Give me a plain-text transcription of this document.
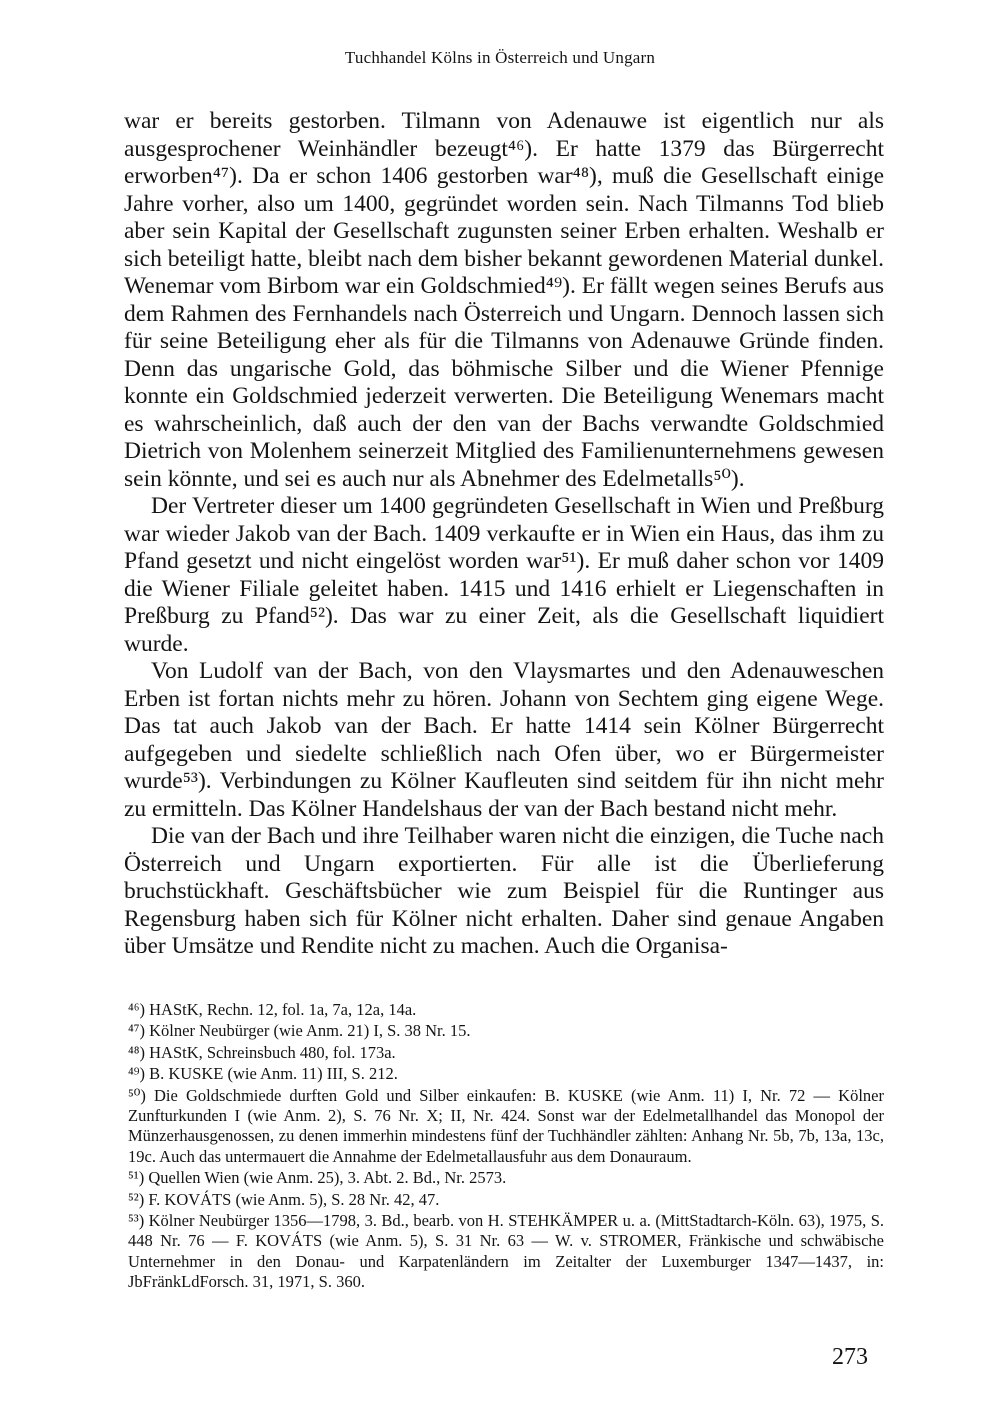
Tuchhandel Kölns in Österreich und Ungarn

war er bereits gestorben. Tilmann von Adenauwe ist eigentlich nur als ausgesprochener Weinhändler bezeugt⁴⁶). Er hatte 1379 das Bürgerrecht erworben⁴⁷). Da er schon 1406 gestorben war⁴⁸), muß die Gesellschaft einige Jahre vorher, also um 1400, gegründet worden sein. Nach Tilmanns Tod blieb aber sein Kapital der Gesellschaft zugunsten seiner Erben erhalten. Weshalb er sich beteiligt hatte, bleibt nach dem bisher bekannt gewordenen Material dunkel. Wenemar vom Birbom war ein Goldschmied⁴⁹). Er fällt wegen seines Berufs aus dem Rahmen des Fernhandels nach Österreich und Ungarn. Dennoch lassen sich für seine Beteiligung eher als für die Tilmanns von Adenauwe Gründe finden. Denn das ungarische Gold, das böhmische Silber und die Wiener Pfennige konnte ein Goldschmied jederzeit verwerten. Die Beteiligung Wenemars macht es wahrscheinlich, daß auch der den van der Bachs verwandte Goldschmied Dietrich von Molenhem seinerzeit Mitglied des Familienunternehmens gewesen sein könnte, und sei es auch nur als Abnehmer des Edelmetalls⁵⁰).

Der Vertreter dieser um 1400 gegründeten Gesellschaft in Wien und Preßburg war wieder Jakob van der Bach. 1409 verkaufte er in Wien ein Haus, das ihm zu Pfand gesetzt und nicht eingelöst worden war⁵¹). Er muß daher schon vor 1409 die Wiener Filiale geleitet haben. 1415 und 1416 erhielt er Liegenschaften in Preßburg zu Pfand⁵²). Das war zu einer Zeit, als die Gesellschaft liquidiert wurde.

Von Ludolf van der Bach, von den Vlaysmartes und den Adenauweschen Erben ist fortan nichts mehr zu hören. Johann von Sechtem ging eigene Wege. Das tat auch Jakob van der Bach. Er hatte 1414 sein Kölner Bürgerrecht aufgegeben und siedelte schließlich nach Ofen über, wo er Bürgermeister wurde⁵³). Verbindungen zu Kölner Kaufleuten sind seitdem für ihn nicht mehr zu ermitteln. Das Kölner Handelshaus der van der Bach bestand nicht mehr.

Die van der Bach und ihre Teilhaber waren nicht die einzigen, die Tuche nach Österreich und Ungarn exportierten. Für alle ist die Überlieferung bruchstückhaft. Geschäftsbücher wie zum Beispiel für die Runtinger aus Regensburg haben sich für Kölner nicht erhalten. Daher sind genaue Angaben über Umsätze und Rendite nicht zu machen. Auch die Organisa-

⁴⁶) HAStK, Rechn. 12, fol. 1a, 7a, 12a, 14a.

⁴⁷) Kölner Neubürger (wie Anm. 21) I, S. 38 Nr. 15.

⁴⁸) HAStK, Schreinsbuch 480, fol. 173a.

⁴⁹) B. KUSKE (wie Anm. 11) III, S. 212.

⁵⁰) Die Goldschmiede durften Gold und Silber einkaufen: B. KUSKE (wie Anm. 11) I, Nr. 72 — Kölner Zunfturkunden I (wie Anm. 2), S. 76 Nr. X; II, Nr. 424. Sonst war der Edelmetallhandel das Monopol der Münzerhausgenossen, zu denen immerhin mindestens fünf der Tuchhändler zählten: Anhang Nr. 5b, 7b, 13a, 13c, 19c. Auch das untermauert die Annahme der Edelmetallausfuhr aus dem Donauraum.

⁵¹) Quellen Wien (wie Anm. 25), 3. Abt. 2. Bd., Nr. 2573.

⁵²) F. KOVÁTS (wie Anm. 5), S. 28 Nr. 42, 47.

⁵³) Kölner Neubürger 1356—1798, 3. Bd., bearb. von H. STEHKÄMPER u. a. (MittStadtarch-Köln. 63), 1975, S. 448 Nr. 76 — F. KOVÁTS (wie Anm. 5), S. 31 Nr. 63 — W. v. STROMER, Fränkische und schwäbische Unternehmer in den Donau- und Karpatenländern im Zeitalter der Luxemburger 1347—1437, in: JbFränkLdForsch. 31, 1971, S. 360.

273
